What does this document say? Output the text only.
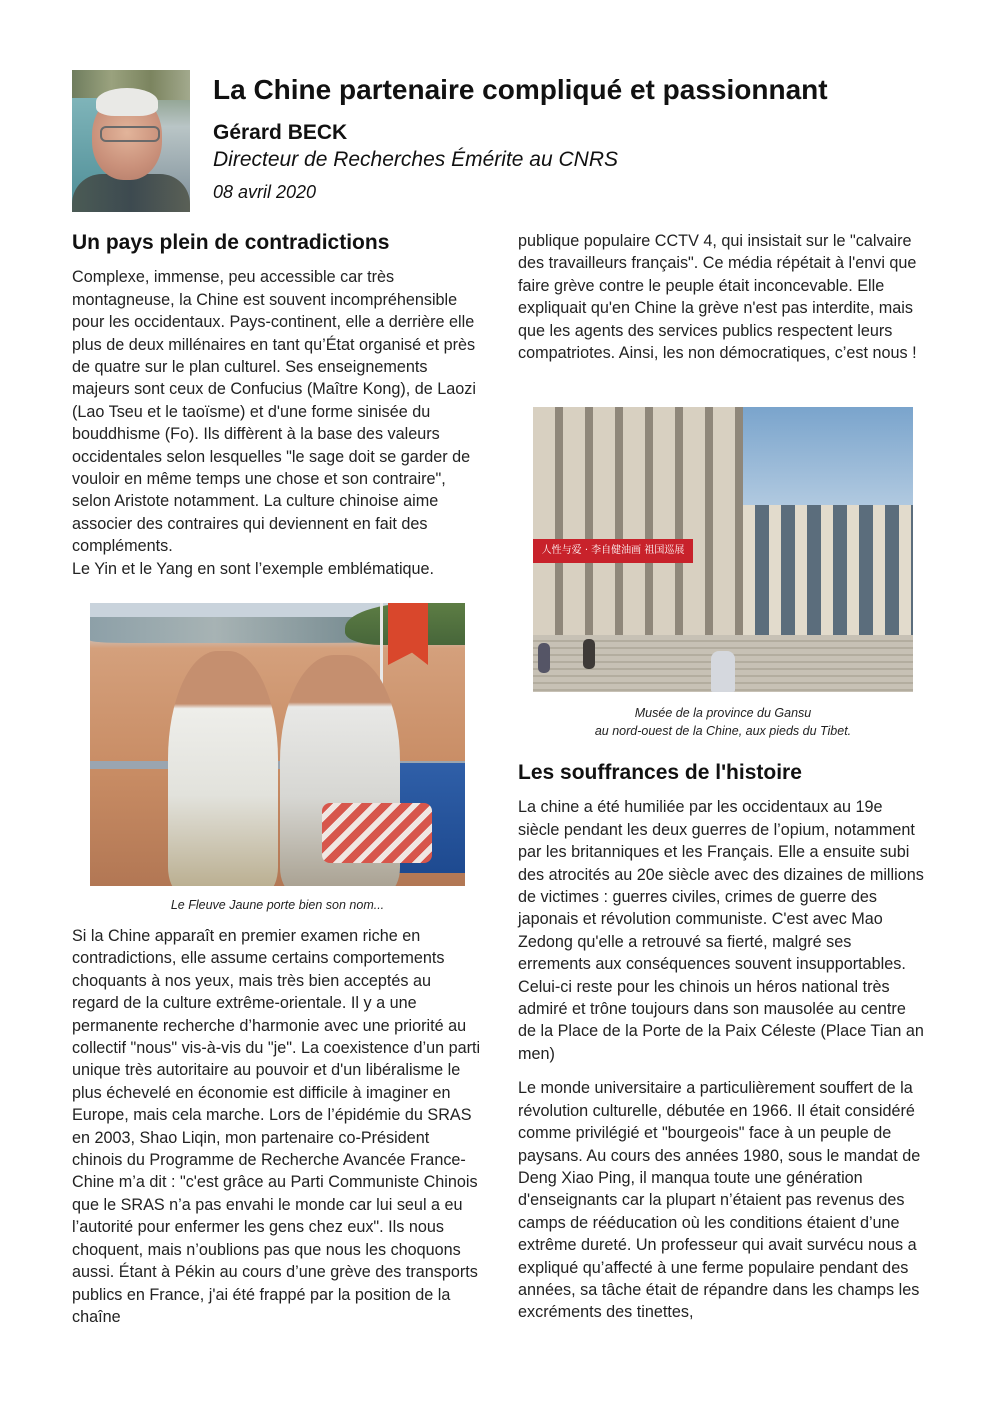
La Chine partenaire compliqué et passionnant
Gérard BECK
Directeur de Recherches Émérite au CNRS
08 avril 2020
Un pays plein de contradictions

Complexe, immense, peu accessible car très montagneuse, la Chine est souvent incompréhensible pour les occidentaux. Pays-continent, elle a derrière elle plus de deux millénaires en tant qu’État organisé et près de quatre sur le plan culturel. Ses enseignements majeurs sont ceux de Confucius (Maître Kong), de Laozi (Lao Tseu et le taoïsme) et d'une forme sinisée du bouddhisme (Fo). Ils diffèrent à la base des valeurs occidentales selon lesquelles "le sage doit se garder de vouloir en même temps une chose et son contraire", selon Aristote notamment. La culture chinoise aime associer des contraires qui deviennent en fait des compléments.

Le Yin et le Yang en sont l’exemple emblématique.

Le Fleuve Jaune porte bien son nom...

Si la Chine apparaît en premier examen riche en contradictions, elle assume certains comportements choquants à nos yeux, mais très bien acceptés au regard de la culture extrême-orientale. Il y a une permanente recherche d’harmonie avec une priorité au collectif "nous" vis-à-vis du "je". La coexistence d’un parti unique très autoritaire au pouvoir et d'un libéralisme le plus échevelé en économie est difficile à imaginer en Europe, mais cela marche. Lors de l’épidémie du SRAS en 2003, Shao Liqin, mon partenaire co-Président chinois du Programme de Recherche Avancée France-Chine m’a dit : "c'est grâce au Parti Communiste Chinois que le SRAS n’a pas envahi le monde car lui seul a eu l’autorité pour enfermer les gens chez eux". Ils nous choquent, mais n’oublions pas que nous les choquons aussi. Étant à Pékin au cours d’une grève des transports publics en France, j'ai été frappé par la position de la chaîne

publique populaire CCTV 4, qui insistait sur le "calvaire des travailleurs français". Ce média répétait à l'envi que faire grève contre le peuple était inconcevable. Elle expliquait qu'en Chine la grève n'est pas interdite, mais que les agents des services publics respectent leurs compatriotes. Ainsi, les non démocratiques, c’est nous !

人性与爱 · 李自健油画 祖国巡展
Musée de la province du Gansu
au nord-ouest de la Chine, aux pieds du Tibet.
Les souffrances de l'histoire

La chine a été humiliée par les occidentaux au 19e siècle pendant les deux guerres de l’opium, notamment par les britanniques et les Français. Elle a ensuite subi des atrocités au 20e siècle avec des dizaines de millions de victimes : guerres civiles, crimes de guerre des japonais et révolution communiste. C'est avec Mao Zedong qu'elle a retrouvé sa fierté, malgré ses errements aux conséquences souvent insupportables. Celui-ci reste pour les chinois un héros national très admiré et trône toujours dans son mausolée au centre de la Place de la Porte de la Paix Céleste (Place Tian an men)

Le monde universitaire a particulièrement souffert de la révolution culturelle, débutée en 1966. Il était considéré comme privilégié et "bourgeois" face à un peuple de paysans. Au cours des années 1980, sous le mandat de Deng Xiao Ping, il manqua toute une génération d'enseignants car la plupart n’étaient pas revenus des camps de rééducation où les conditions étaient d’une extrême dureté. Un professeur qui avait survécu nous a expliqué qu’affecté à une ferme populaire pendant des années, sa tâche était de répandre dans les champs les excréments des tinettes,
